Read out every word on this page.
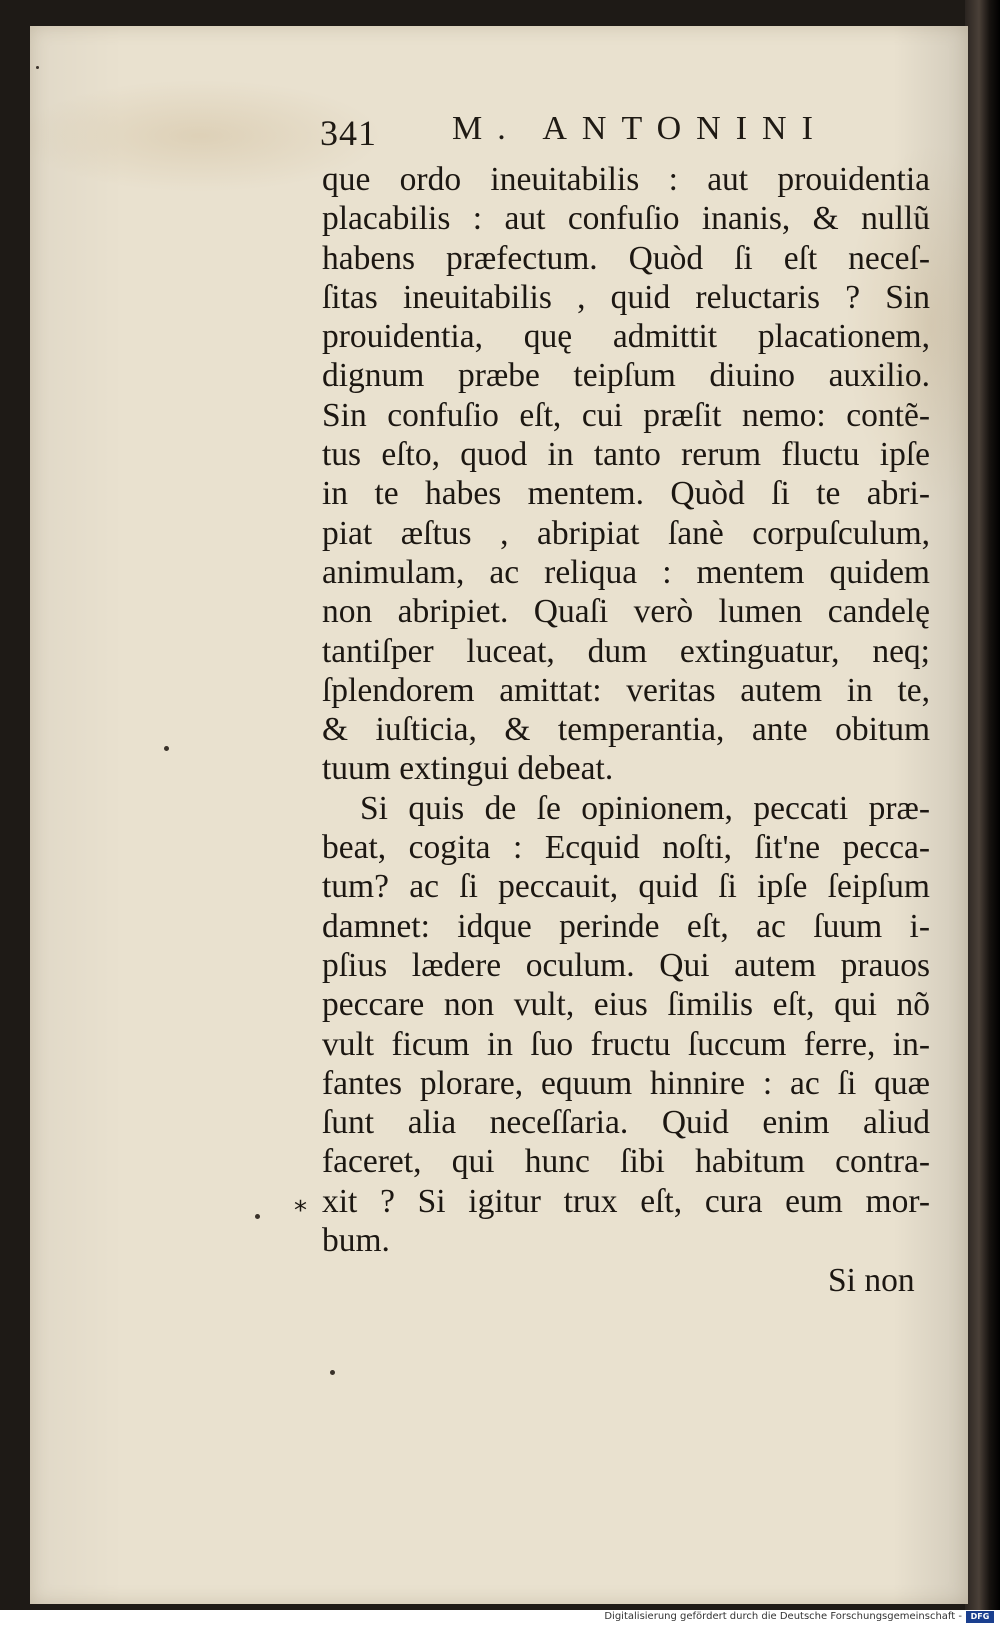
341 M. ANTONINI
que ordo ineuitabilis : aut prouidentia
placabilis : aut confuſio inanis, & nullũ
habens præfectum. Quòd ſi eſt neceſ-
ſitas ineuitabilis , quid reluctaris ? Sin
prouidentia, quę admittit placationem,
dignum præbe teipſum diuino auxilio.
Sin confuſio eſt, cui præſit nemo: contẽ-
tus eſto, quod in tanto rerum fluctu ipſe
in te habes mentem. Quòd ſi te abri-
piat æſtus , abripiat ſanè corpuſculum,
animulam, ac reliqua : mentem quidem
non abripiet. Quaſi verò lumen candelę
tantiſper luceat, dum extinguatur, neq;
ſplendorem amittat: veritas autem in te,
& iuſticia, & temperantia, ante obitum
tuum extingui debeat.
Si quis de ſe opinionem, peccati præ-
beat, cogita : Ecquid noſti, ſit'ne pecca-
tum? ac ſi peccauit, quid ſi ipſe ſeipſum
damnet: idque perinde eſt, ac ſuum i-
pſius lædere oculum. Qui autem prauos
peccare non vult, eius ſimilis eſt, qui nõ
vult ficum in ſuo fructu ſuccum ferre, in-
fantes plorare, equum hinnire : ac ſi quæ
ſunt alia neceſſaria. Quid enim aliud
faceret, qui hunc ſibi habitum contra-
xit ? Si igitur trux eſt, cura eum mor-
bum.
*
Si non
Digitalisierung gefördert durch die Deutsche Forschungsgemeinschaft -	DFG
